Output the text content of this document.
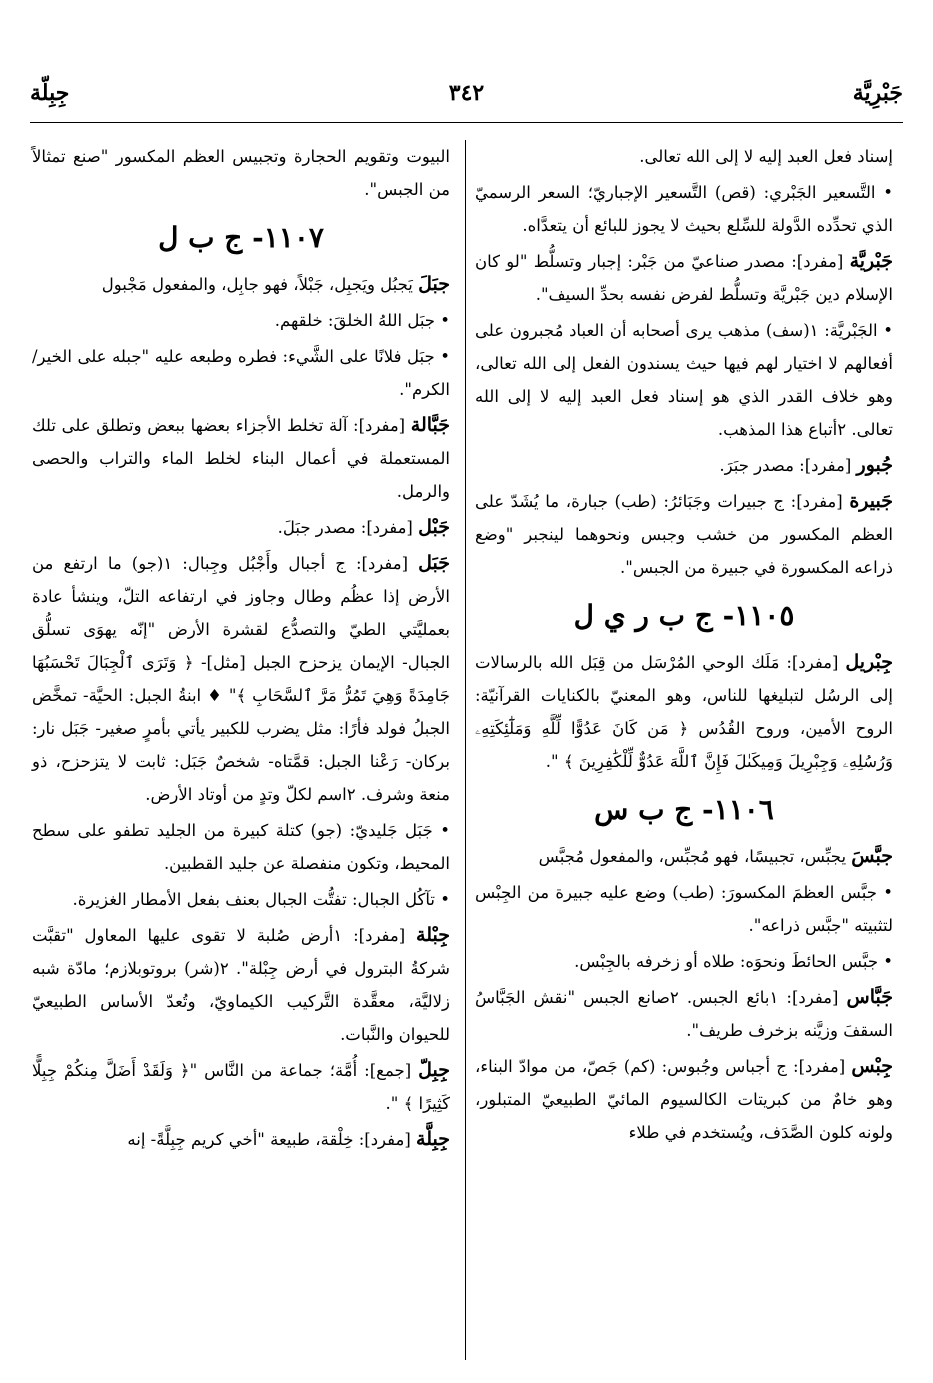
جَبْرِيَّة
٣٤٢
جِبِلّة

إسناد فعل العبد إليه لا إلى الله تعالى.

• التَّسعير الجَبْري: (قص) التَّسعير الإجباريّ؛ السعر الرسميّ الذي تحدِّده الدَّولة للسِّلع بحيث لا يجوز للبائع أن يتعدَّاه.

جَبْريَّة [مفرد]: مصدر صناعيّ من جَبْر: إجبار وتسلُّط "لو كان الإسلام دين جَبْريَّة وتسلُّط لفرض نفسه بحدِّ السيف".

• الجَبْريَّة: ١(سف) مذهب يرى أصحابه أن العباد مُجبرون على أفعالهم لا اختيار لهم فيها حيث يسندون الفعل إلى الله تعالى، وهو خلاف القدر الذي هو إسناد فعل العبد إليه لا إلى الله تعالى. ٢أتباع هذا المذهب.

جُبور [مفرد]: مصدر جبَرَ.

جَبيرة [مفرد]: ج جبيرات وجَبَائرُ: (طب) جبارة، ما يُشَدّ على العظم المكسور من خشب وجبس ونحوهما لينجبر "وضع ذراعه المكسورة في جبيرة من الجبس".

١١٠٥- ج ب ر ي ل

جِبْريل [مفرد]: مَلَك الوحي المُرْسَل من قِبَل الله بالرسالات إلى الرسُل لتبليغها للناس، وهو المعنيّ بالكنايات القرآنيّة: الروح الأمين، وروح القُدُس ﴿ مَن كَانَ عَدُوًّا لِّلَّهِ وَمَلَٰٓئِكَتِهِۦ وَرُسُلِهِۦ وَجِبْرِيلَ وَمِيكَىٰلَ فَإِنَّ ٱللَّهَ عَدُوٌّ لِّلْكَٰفِرِينَ ﴾ ".

١١٠٦- ج ب س

جبَّسَ يجبِّس، تجبيسًا، فهو مُجبِّس، والمفعول مُجبَّس

• جبَّس العظمَ المكسورَ: (طب) وضع عليه جبيرة من الجِبْس لتثبيته "جبَّس ذراعه".

• جبَّس الحائطَ ونحوَه: طلاه أو زخرفه بالجِبْس.

جَبَّاس [مفرد]: ١بائع الجبس. ٢صانع الجبس "نقش الجَبَّاسُ السقفَ وزيَّنه بزخرف طريف".

جِبْس [مفرد]: ج أجباس وجُبوس: (كم) جَصّ، من موادّ البناء، وهو خامٌ من كبريتات الكالسيوم المائيّ الطبيعيّ المتبلور، ولونه كلون الصَّدَف، ويُستخدم في طلاء

البيوت وتقويم الحجارة وتجبيس العظم المكسور "صنع تمثالاً من الجبس".

١١٠٧- ج ب ل

جبَلَ يَجبُل ويَجبِل، جَبْلاً، فهو جابِل، والمفعول مَجْبول

• جبَل اللهُ الخلقَ: خلقهم.

• جبَل فلانًا على الشَّيء: فطره وطبعه عليه "جبله على الخير/ الكرم".

جَبَّالة [مفرد]: آلة تخلط الأجزاء بعضها ببعض وتطلق على تلك المستعملة في أعمال البناء لخلط الماء والتراب والحصى والرمل.

جَبْل [مفرد]: مصدر جبَلَ.

جَبَل [مفرد]: ج أجبال وأَجْبُل وجِبال: ١(جو) ما ارتفع من الأرض إذا عظُم وطال وجاوز في ارتفاعه التلّ، وينشأ عادة بعمليَّتي الطيّ والتصدُّع لقشرة الأرض "إنّه يهوَى تسلُّق الجبال- الإيمان يزحزح الجبل [مثل]- ﴿ وَتَرَى ٱلْجِبَالَ تَحْسَبُهَا جَامِدَةً وَهِيَ تَمُرُّ مَرَّ ٱلسَّحَابِ ﴾" ♦ ابنةُ الجبل: الحيَّة- تمخَّض الجبلُ فولد فأرًا: مثل يضرب للكبير يأتي بأمرٍ صغير- جَبَل نار: بركان- رَعْنا الجبل: قمَّتاه- شخصٌ جَبَل: ثابت لا يتزحزح، ذو منعة وشرف. ٢اسم لكلّ وتدٍ من أوتاد الأرض.

• جَبَل جَليديّ: (جو) كتلة كبيرة من الجليد تطفو على سطح المحيط، وتكون منفصلة عن جليد القطبين.

• تآكُل الجبال: تفتُّت الجبال بعنف بفعل الأمطار الغزيرة.

جِبْلة [مفرد]: ١أرض صُلبة لا تقوى عليها المعاول "تقبَّت شركةُ البترول في أرض جِبْلة". ٢(شر) بروتوبلازم؛ مادّة شبه زلاليَّة، معقَّدة التَّركيب الكيماويّ، وتُعدّ الأساس الطبيعيّ للحيوان والنَّبات.

جِبِلّ [جمع]: أُمَّة؛ جماعة من النَّاس "﴿ وَلَقَدْ أَضَلَّ مِنكُمْ جِبِلًّا كَثِيرًا ﴾ ".

جِبِلَّة [مفرد]: خِلْقة، طبيعة "أخي كريم جِبِلَّةً- إنه
